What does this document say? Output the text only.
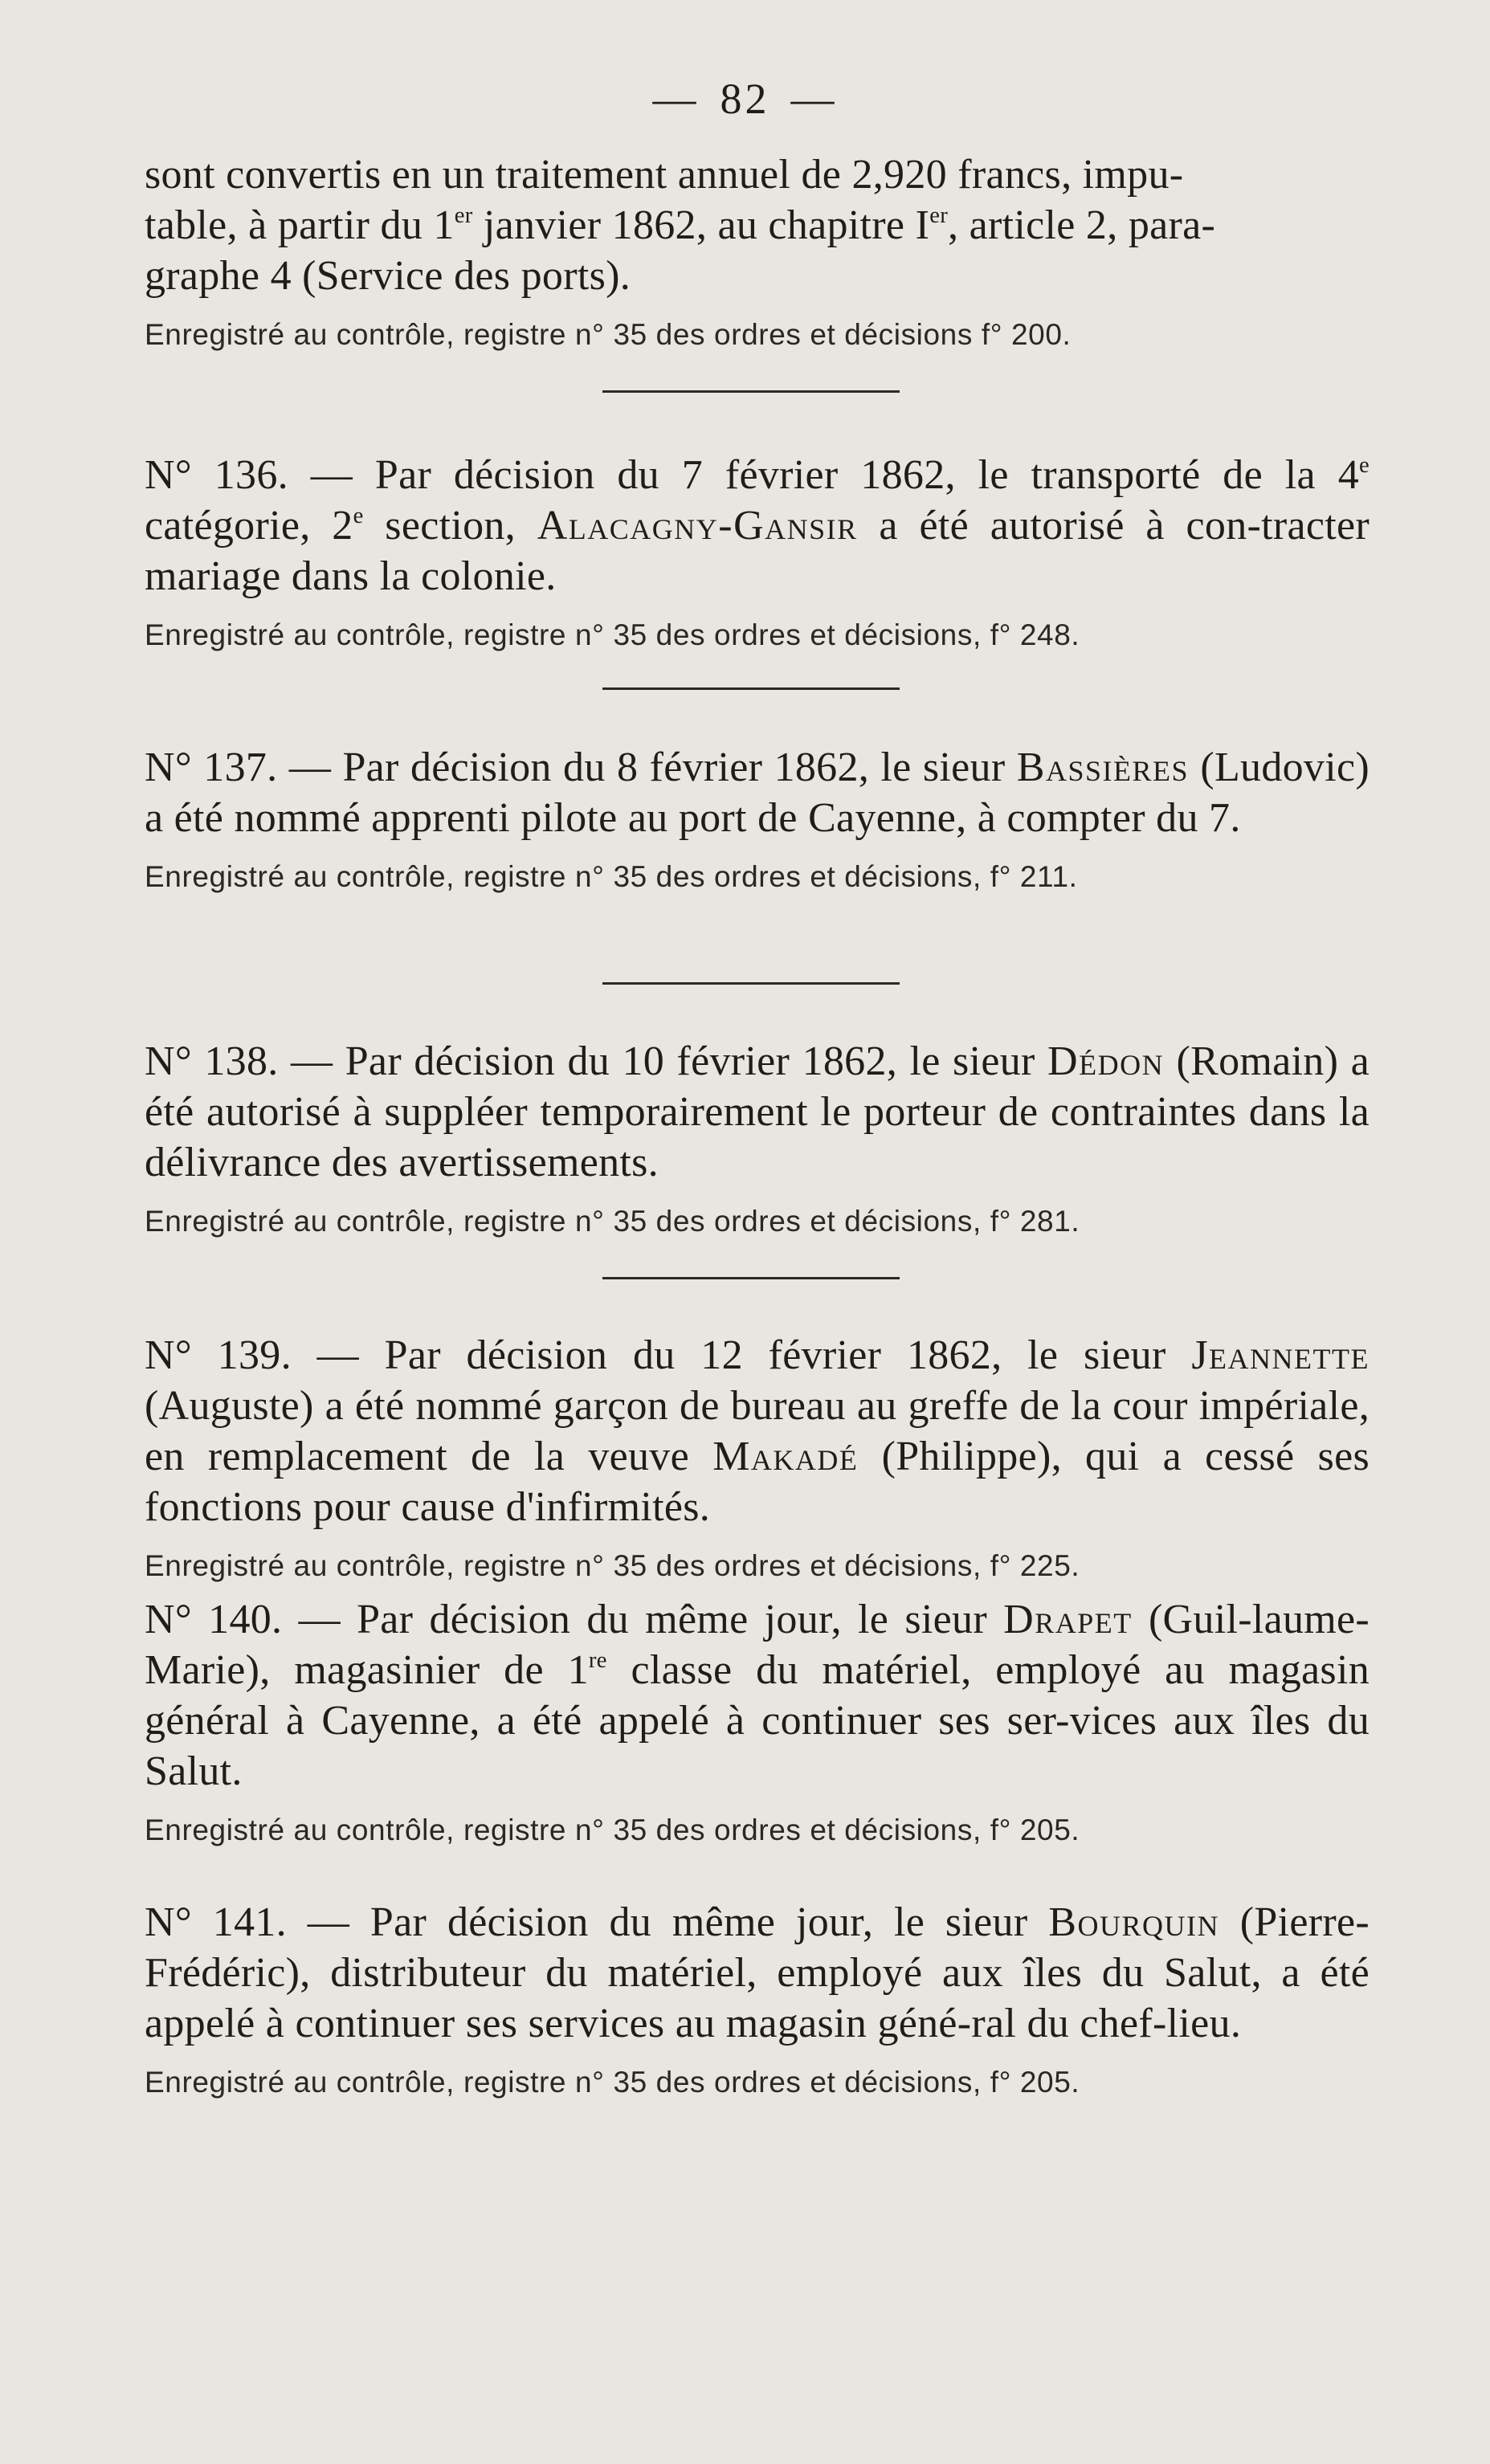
— 82 —
sont convertis en un traitement annuel de 2,920 francs, impu-
table, à partir du 1er janvier 1862, au chapitre Ier, article 2, para-
graphe 4 (Service des ports).
Enregistré au contrôle, registre n° 35 des ordres et décisions f° 200.
N° 136. — Par décision du 7 février 1862, le transporté de la 4e catégorie, 2e section, Alacagny-Gansir a été autorisé à con-tracter mariage dans la colonie.
Enregistré au contrôle, registre n° 35 des ordres et décisions, f° 248.
N° 137. — Par décision du 8 février 1862, le sieur Bassières (Ludovic) a été nommé apprenti pilote au port de Cayenne, à compter du 7.
Enregistré au contrôle, registre n° 35 des ordres et décisions, f° 211.
N° 138. — Par décision du 10 février 1862, le sieur Dédon (Romain) a été autorisé à suppléer temporairement le porteur de contraintes dans la délivrance des avertissements.
Enregistré au contrôle, registre n° 35 des ordres et décisions, f° 281.
N° 139. — Par décision du 12 février 1862, le sieur Jeannette (Auguste) a été nommé garçon de bureau au greffe de la cour impériale, en remplacement de la veuve Makadé (Philippe), qui a cessé ses fonctions pour cause d'infirmités.
Enregistré au contrôle, registre n° 35 des ordres et décisions, f° 225.
N° 140. — Par décision du même jour, le sieur Drapet (Guil-laume-Marie), magasinier de 1re classe du matériel, employé au magasin général à Cayenne, a été appelé à continuer ses ser-vices aux îles du Salut.
Enregistré au contrôle, registre n° 35 des ordres et décisions, f° 205.
N° 141. — Par décision du même jour, le sieur Bourquin (Pierre-Frédéric), distributeur du matériel, employé aux îles du Salut, a été appelé à continuer ses services au magasin géné-ral du chef-lieu.
Enregistré au contrôle, registre n° 35 des ordres et décisions, f° 205.
